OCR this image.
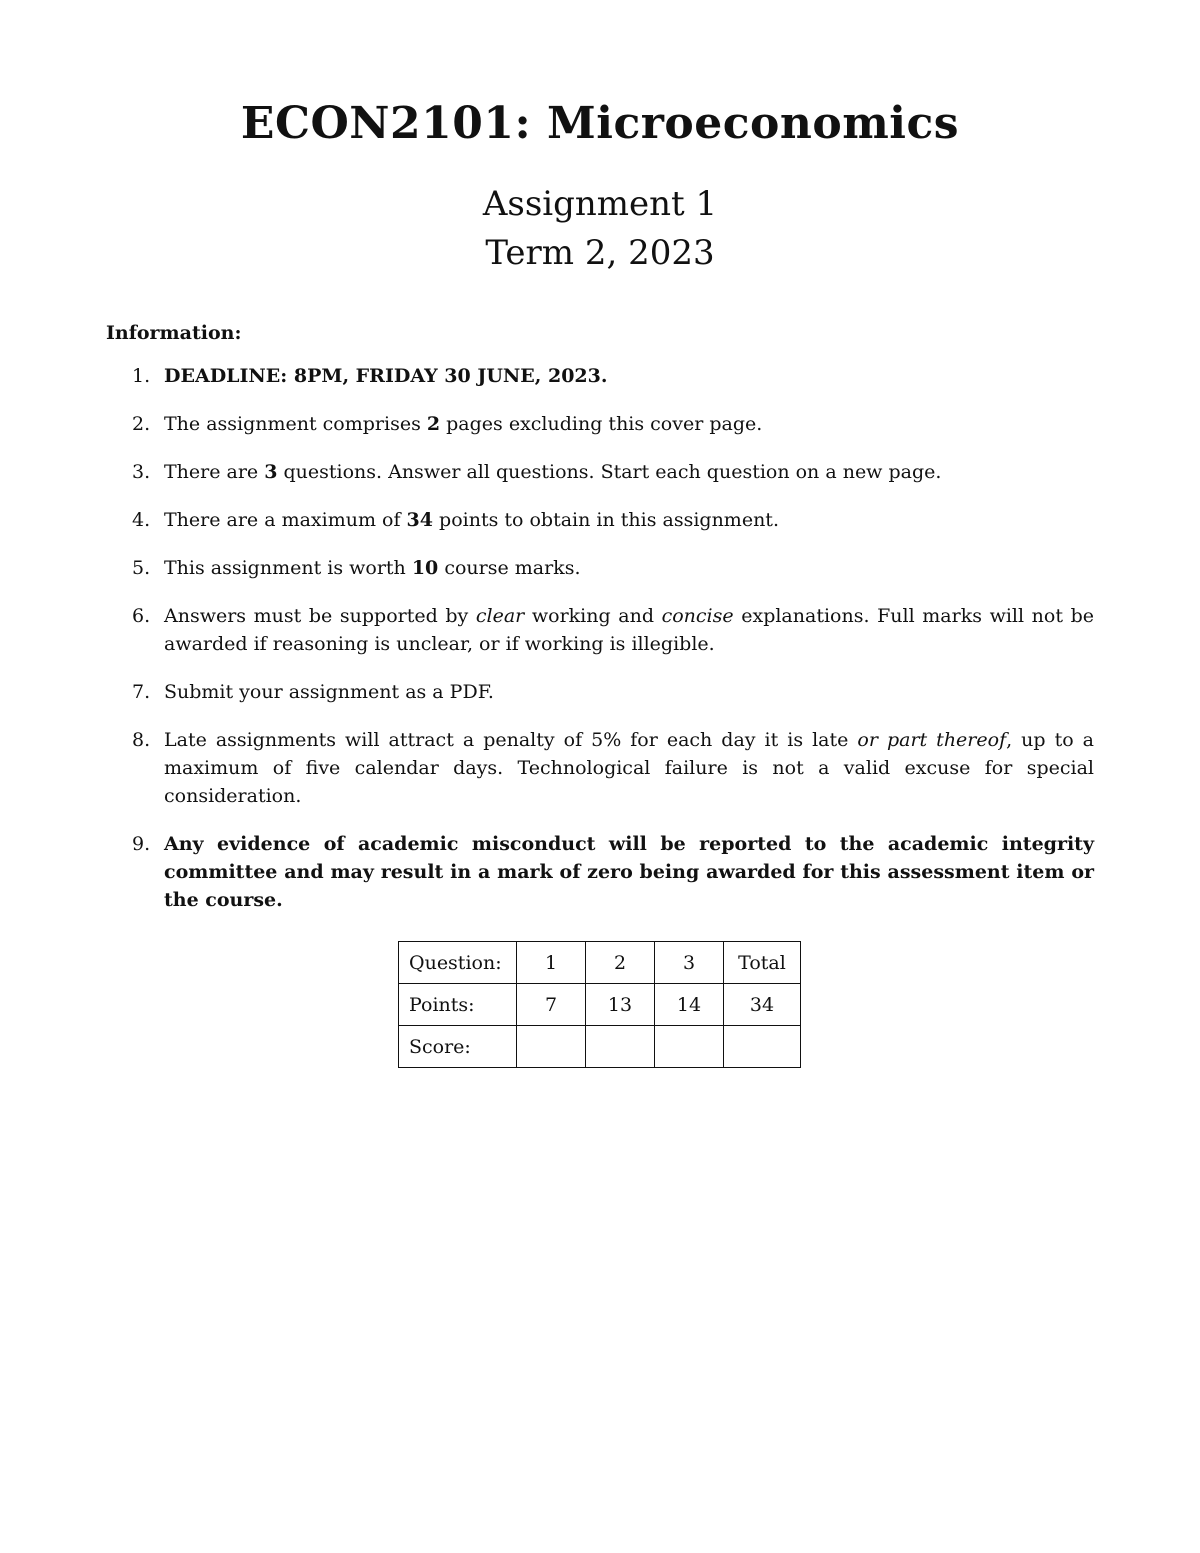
ECON2101: Microeconomics
Assignment 1
Term 2, 2023
Information:
1. DEADLINE: 8PM, FRIDAY 30 JUNE, 2023.
2. The assignment comprises 2 pages excluding this cover page.
3. There are 3 questions. Answer all questions. Start each question on a new page.
4. There are a maximum of 34 points to obtain in this assignment.
5. This assignment is worth 10 course marks.
6. Answers must be supported by clear working and concise explanations. Full marks will not be awarded if reasoning is unclear, or if working is illegible.
7. Submit your assignment as a PDF.
8. Late assignments will attract a penalty of 5% for each day it is late or part thereof, up to a maximum of five calendar days. Technological failure is not a valid excuse for special consideration.
9. Any evidence of academic misconduct will be reported to the academic integrity committee and may result in a mark of zero being awarded for this assessment item or the course.
Question:	1	2	3	Total
Points:	7	13	14	34
Score:				
